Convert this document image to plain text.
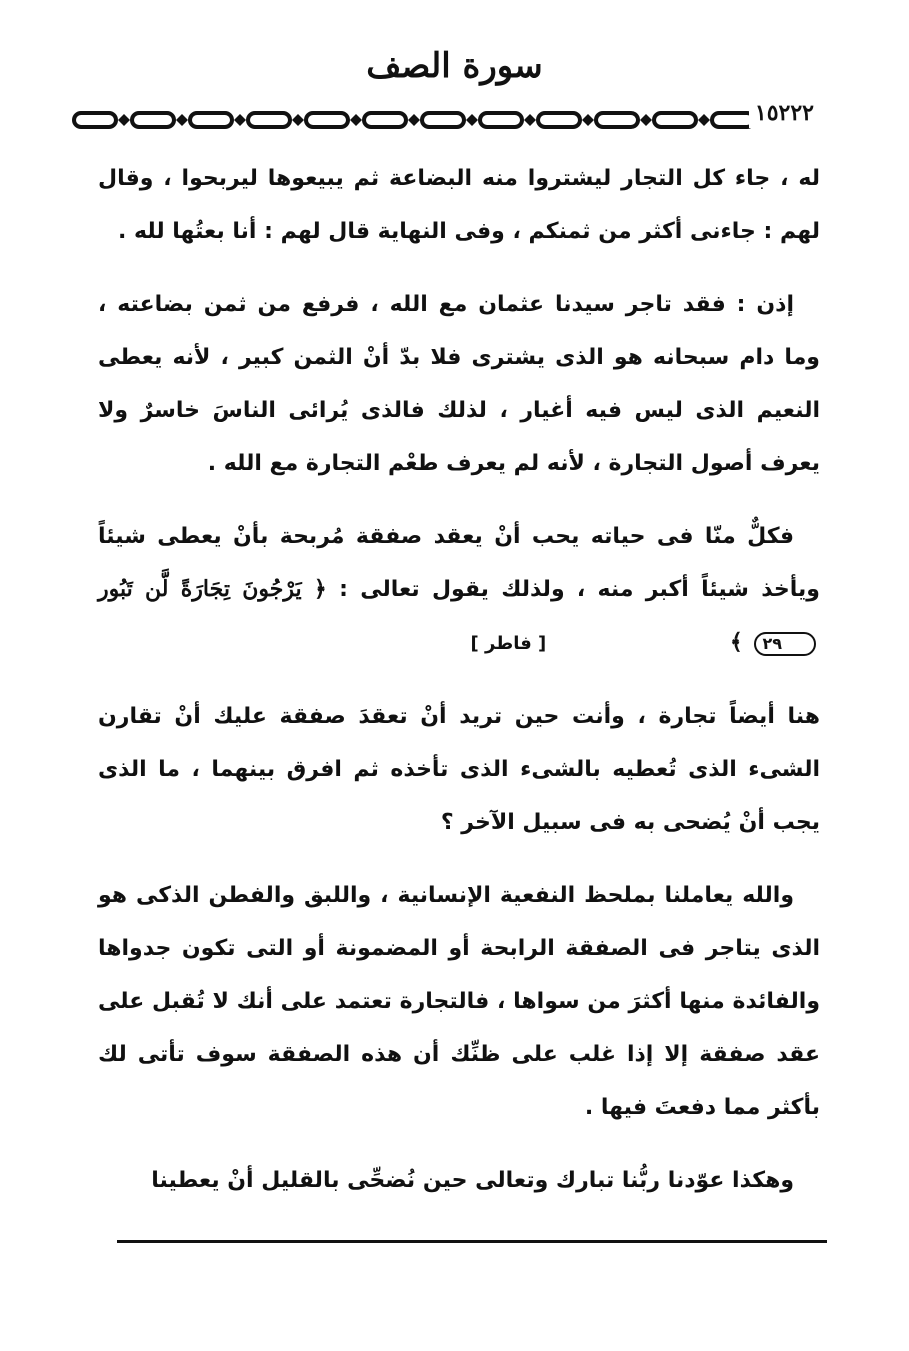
سورة الصف
١٥٢٢٢

له ، جاء كل التجار ليشتروا منه البضاعة ثم يبيعوها ليربحوا ، وقال لهم : جاءنى أكثر من ثمنكم ، وفى النهاية قال لهم : أنا بعتُها لله .

إذن : فقد تاجر سيدنا عثمان مع الله ، فرفع من ثمن بضاعته ، وما دام سبحانه هو الذى يشترى فلا بدّ أنْ الثمن كبير ، لأنه يعطى النعيم الذى ليس فيه أغيار ، لذلك فالذى يُرائى الناسَ خاسرٌ ولا يعرف أصول التجارة ، لأنه لم يعرف طعْم التجارة مع الله .

فكلٌّ منّا فى حياته يحب أنْ يعقد صفقة مُربحة بأنْ يعطى شيئاً ويأخذ شيئاً أكبر منه ، ولذلك يقول تعالى : ﴿ يَرْجُونَ تِجَارَةً لَّن تَبُور ٢٩ ﴾ [ فاطر ]

هنا أيضاً تجارة ، وأنت حين تريد أنْ تعقدَ صفقة عليك أنْ تقارن الشىء الذى تُعطيه بالشىء الذى تأخذه ثم افرق بينهما ، ما الذى يجب أنْ يُضحى به فى سبيل الآخر ؟

والله يعاملنا بملحظ النفعية الإنسانية ، واللبق والفطن الذكى هو الذى يتاجر فى الصفقة الرابحة أو المضمونة أو التى تكون جدواها والفائدة منها أكثرَ من سواها ، فالتجارة تعتمد على أنك لا تُقبل على عقد صفقة إلا إذا غلب على ظنِّك أن هذه الصفقة سوف تأتى لك بأكثر مما دفعتَ فيها .

وهكذا عوّدنا ربُّنا تبارك وتعالى حين نُضحِّى بالقليل أنْ يعطينا
